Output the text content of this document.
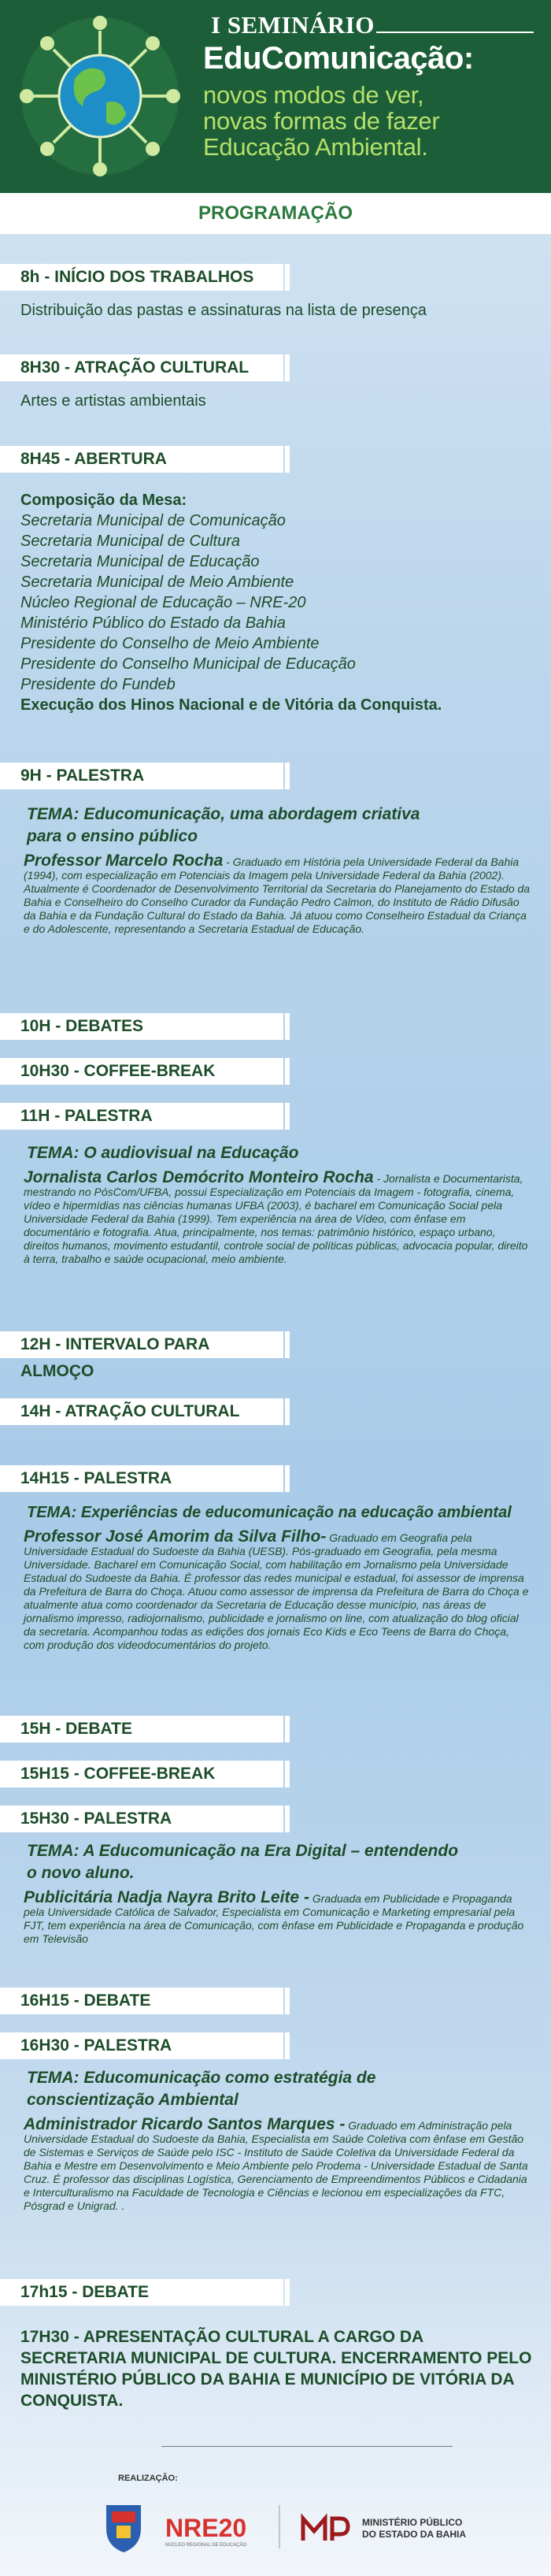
I SEMINÁRIO
EduComunicação:
novos modos de ver,
novas formas de fazer
Educação Ambiental.
PROGRAMAÇÃO
8h - INÍCIO DOS TRABALHOS
Distribuição das pastas e assinaturas na lista de presença
8H30 - ATRAÇÃO CULTURAL
Artes e artistas ambientais
8H45 - ABERTURA
Composição da Mesa:
Secretaria Municipal de Comunicação
Secretaria Municipal de Cultura
Secretaria Municipal de Educação
Secretaria Municipal de Meio Ambiente
Núcleo Regional de Educação – NRE-20
Ministério Público do Estado da Bahia
Presidente do Conselho de Meio Ambiente
Presidente do Conselho Municipal de Educação
Presidente do Fundeb
Execução dos Hinos Nacional e de Vitória da Conquista.
9H - PALESTRA
TEMA: Educomunicação, uma abordagem criativa para o ensino público
Professor Marcelo Rocha - Graduado em História pela Universidade Federal da Bahia (1994), com especialização em Potenciais da Imagem pela Universidade Federal da Bahia (2002). Atualmente é Coordenador de Desenvolvimento Territorial da Secretaria do Planejamento do Estado da Bahia e Conselheiro do Conselho Curador da Fundação Pedro Calmon, do Instituto de Rádio Difusão da Bahia e da Fundação Cultural do Estado da Bahia. Já atuou como Conselheiro Estadual da Criança e do Adolescente, representando a Secretaria Estadual de Educação.
10H - DEBATES
10H30 - COFFEE-BREAK
11H - PALESTRA
TEMA: O audiovisual na Educação
Jornalista Carlos Demócrito Monteiro Rocha - Jornalista e Documentarista, mestrando no PósCom/UFBA, possui Especialização em Potenciais da Imagem - fotografia, cinema, vídeo e hipermídias nas ciências humanas UFBA (2003), é bacharel em Comunicação Social pela Universidade Federal da Bahia (1999). Tem experiência na área de Vídeo, com ênfase em documentário e fotografia. Atua, principalmente, nos temas: patrimônio histórico, espaço urbano, direitos humanos, movimento estudantil, controle social de políticas públicas, advocacia popular, direito à terra, trabalho e saúde ocupacional, meio ambiente.
12H - INTERVALO PARA ALMOÇO
14H - ATRAÇÃO CULTURAL
14H15 - PALESTRA
TEMA: Experiências de educomunicação na educação ambiental
Professor José Amorim da Silva Filho- Graduado em Geografia pela Universidade Estadual do Sudoeste da Bahia (UESB). Pós-graduado em Geografia, pela mesma Universidade. Bacharel em Comunicação Social, com habilitação em Jornalismo pela Universidade Estadual do Sudoeste da Bahia. É professor das redes municipal e estadual, foi assessor de imprensa da Prefeitura de Barra do Choça. Atuou como assessor de imprensa da Prefeitura de Barra do Choça e atualmente atua como coordenador da Secretaria de Educação desse município, nas áreas de jornalismo impresso, radiojornalismo, publicidade e jornalismo on line, com atualização do blog oficial da secretaria. Acompanhou todas as edições dos jornais Eco Kids e Eco Teens de Barra do Choça, com produção dos videodocumentários do projeto.
15H - DEBATE
15H15 - COFFEE-BREAK
15H30 - PALESTRA
TEMA: A Educomunicação na Era Digital – entendendo o novo aluno.
Publicitária Nadja Nayra Brito Leite - Graduada em Publicidade e Propaganda pela Universidade Católica de Salvador, Especialista em Comunicação e Marketing empresarial pela FJT, tem experiência na área de Comunicação, com ênfase em Publicidade e Propaganda e produção em Televisão
16H15 - DEBATE
16H30 - PALESTRA
TEMA: Educomunicação como estratégia de conscientização Ambiental
Administrador Ricardo Santos Marques - Graduado em Administração pela Universidade Estadual do Sudoeste da Bahia, Especialista em Saúde Coletiva com ênfase em Gestão de Sistemas e Serviços de Saúde pelo ISC - Instituto de Saúde Coletiva da Universidade Federal da Bahia e Mestre em Desenvolvimento e Meio Ambiente pelo Prodema - Universidade Estadual de Santa Cruz. É professor das disciplinas Logística, Gerenciamento de Empreendimentos Públicos e Cidadania e Interculturalismo na Faculdade de Tecnologia e Ciências e lecionou em especializações da FTC, Pósgrad e Unigrad. .
17h15 - DEBATE
17H30 - APRESENTAÇÃO CULTURAL A CARGO DA SECRETARIA MUNICIPAL DE CULTURA. ENCERRAMENTO PELO MINISTÉRIO PÚBLICO DA BAHIA E MUNICÍPIO DE VITÓRIA DA CONQUISTA.
REALIZAÇÃO:
NRE20
NÚCLEO REGIONAL DE EDUCAÇÃO
MINISTÉRIO PÚBLICO
DO ESTADO DA BAHIA
